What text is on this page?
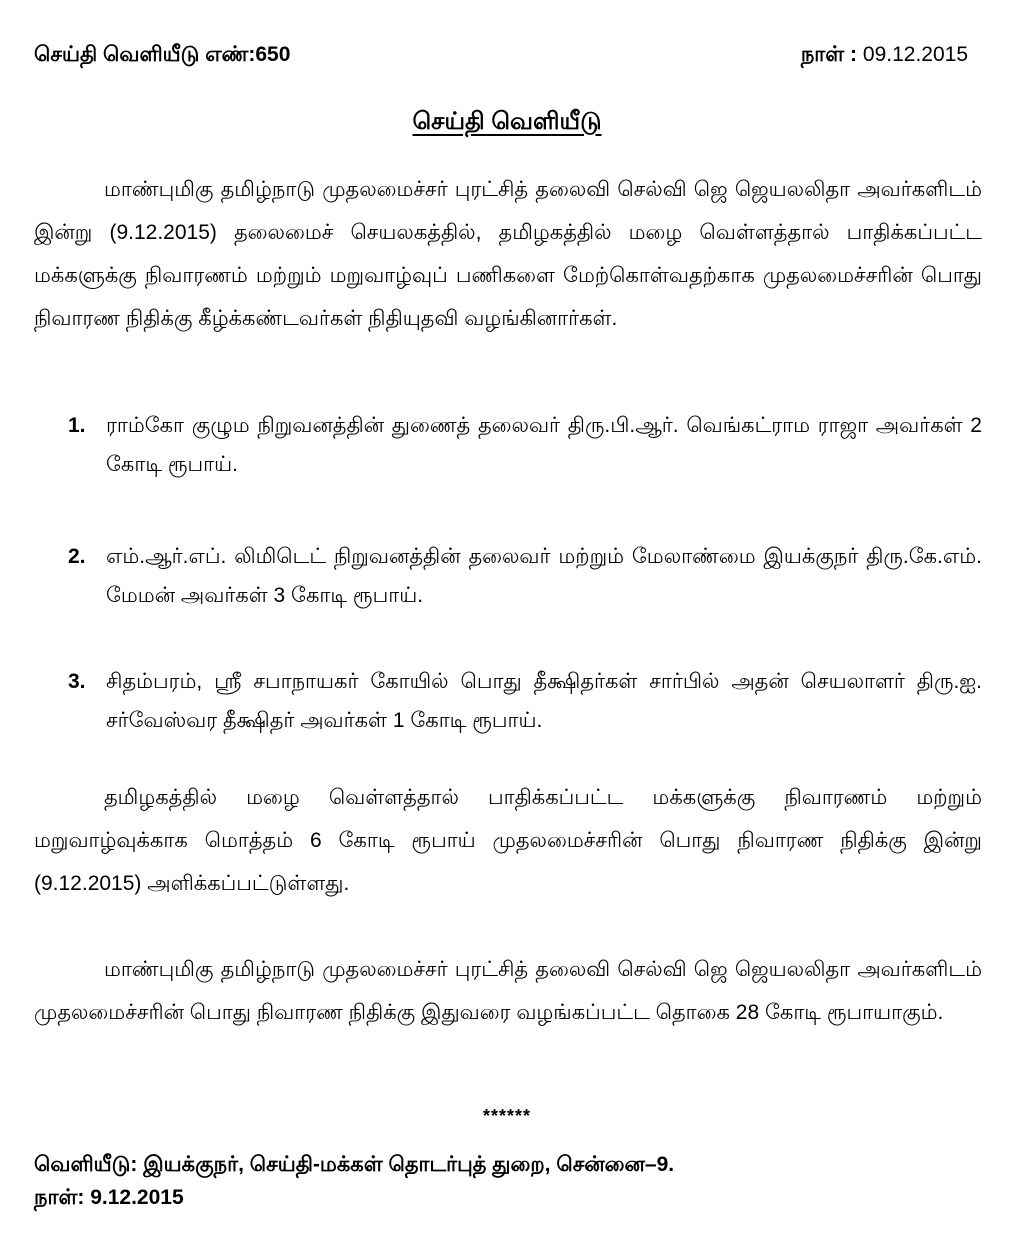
செய்தி வெளியீடு எண்:650	நாள் : 09.12.2015
செய்தி வெளியீடு

மாண்புமிகு தமிழ்நாடு முதலமைச்சர் புரட்சித் தலைவி செல்வி ஜெ ஜெயலலிதா அவர்களிடம் இன்று (9.12.2015) தலைமைச் செயலகத்தில், தமிழகத்தில் மழை வெள்ளத்தால் பாதிக்கப்பட்ட மக்களுக்கு நிவாரணம் மற்றும் மறுவாழ்வுப் பணிகளை மேற்கொள்வதற்காக முதலமைச்சரின் பொது நிவாரண நிதிக்கு கீழ்க்கண்டவர்கள் நிதியுதவி வழங்கினார்கள்.

1. ராம்கோ குழும நிறுவனத்தின் துணைத் தலைவர் திரு.பி.ஆர். வெங்கட்ராம ராஜா அவர்கள் 2 கோடி ரூபாய்.
2. எம்.ஆர்.எப். லிமிடெட் நிறுவனத்தின் தலைவர் மற்றும் மேலாண்மை இயக்குநர் திரு.கே.எம். மேமன் அவர்கள் 3 கோடி ரூபாய்.
3. சிதம்பரம், ஸ்ரீ சபாநாயகர் கோயில் பொது தீக்ஷிதர்கள் சார்பில் அதன் செயலாளர் திரு.ஐ. சர்வேஸ்வர தீக்ஷிதர் அவர்கள் 1 கோடி ரூபாய்.

தமிழகத்தில் மழை வெள்ளத்தால் பாதிக்கப்பட்ட மக்களுக்கு நிவாரணம் மற்றும் மறுவாழ்வுக்காக மொத்தம் 6 கோடி ரூபாய் முதலமைச்சரின் பொது நிவாரண நிதிக்கு இன்று (9.12.2015) அளிக்கப்பட்டுள்ளது.

மாண்புமிகு தமிழ்நாடு முதலமைச்சர் புரட்சித் தலைவி செல்வி ஜெ ஜெயலலிதா அவர்களிடம் முதலமைச்சரின் பொது நிவாரண நிதிக்கு இதுவரை வழங்கப்பட்ட தொகை 28 கோடி ரூபாயாகும்.

******
வெளியீடு: இயக்குநர், செய்தி-மக்கள் தொடர்புத் துறை, சென்னை–9.
நாள்: 9.12.2015
